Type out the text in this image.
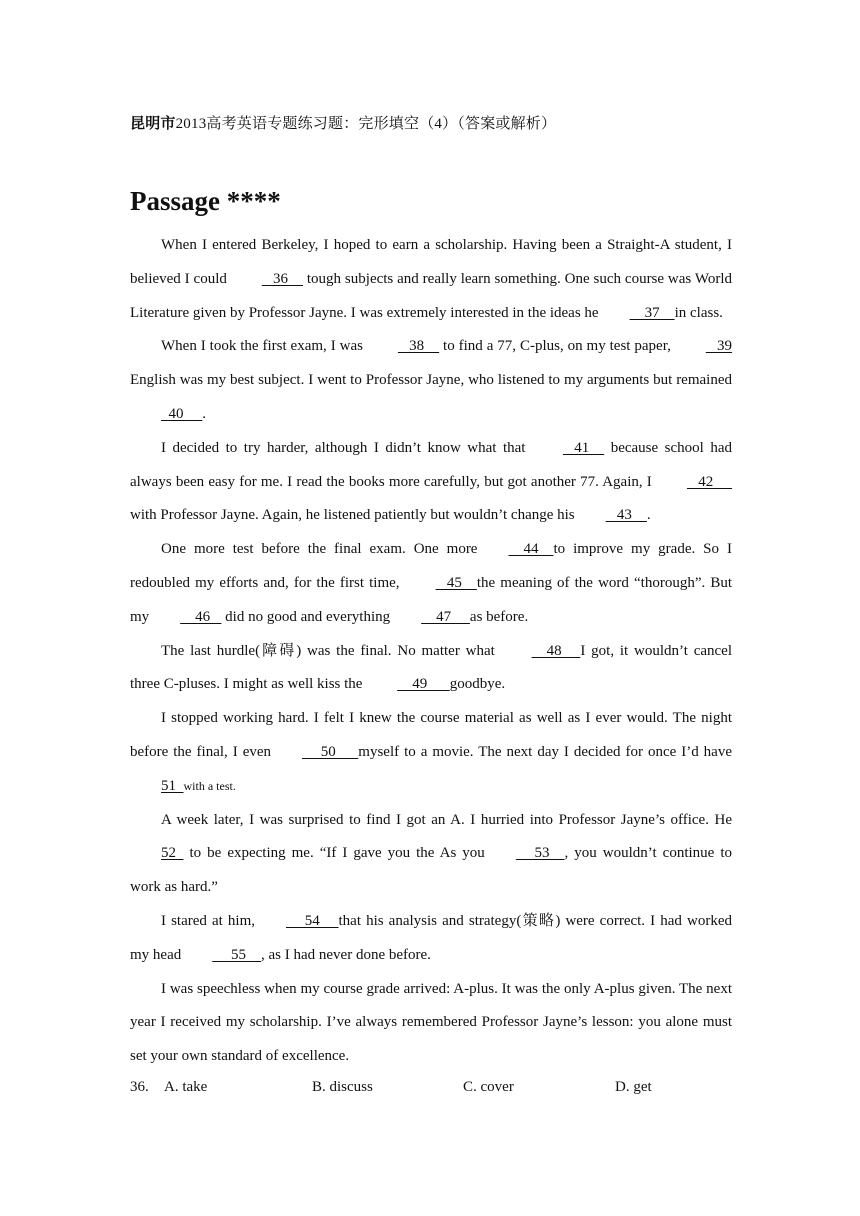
昆明市2013高考英语专题练习题：完形填空（4）（答案或解析）
Passage ****

When I entered Berkeley, I hoped to earn a scholarship. Having been a Straight-A student, I believed I could    36     tough subjects and really learn something. One such course was World Literature given by Professor Jayne. I was extremely interested in the ideas he    37    in class.

When I took the first exam, I was    38     to find a 77, C-plus, on my test paper,    39 English was my best subject. I went to Professor Jayne, who listened to my arguments but remained  40     .

I decided to try harder, although I didn’t know what that    41     because school had always been easy for me. I read the books more carefully, but got another 77. Again, I    42     with Professor Jayne. Again, he listened patiently but wouldn’t change his   43    .

One more test before the final exam. One more    44    to improve my grade. So I redoubled my efforts and, for the first time,    45    the meaning of the word “thorough”. But my    46    did no good and everything    47     as before.

The last hurdle(障碍) was the final. No matter what     48     I got, it wouldn’t cancel three C-pluses. I might as well kiss the     49      goodbye.

I stopped working hard. I felt I knew the course material as well as I ever would. The night before the final, I even     50      myself to a movie. The next day I decided for once I’d have 51  with a test.

A week later, I was surprised to find I got an A. I hurried into Professor Jayne’s office. He 52   to be expecting me. “If I gave you the As you     53    , you wouldn’t continue to work as hard.”

I stared at him,     54     that his analysis and strategy(策略) were correct. I had worked my head     55    , as I had never done before.

I was speechless when my course grade arrived: A-plus. It was the only A-plus given. The next year I received my scholarship. I’ve always remembered Professor Jayne’s lesson: you alone must set your own standard of excellence.

36. A. take	B. discuss	C. cover	D. get
